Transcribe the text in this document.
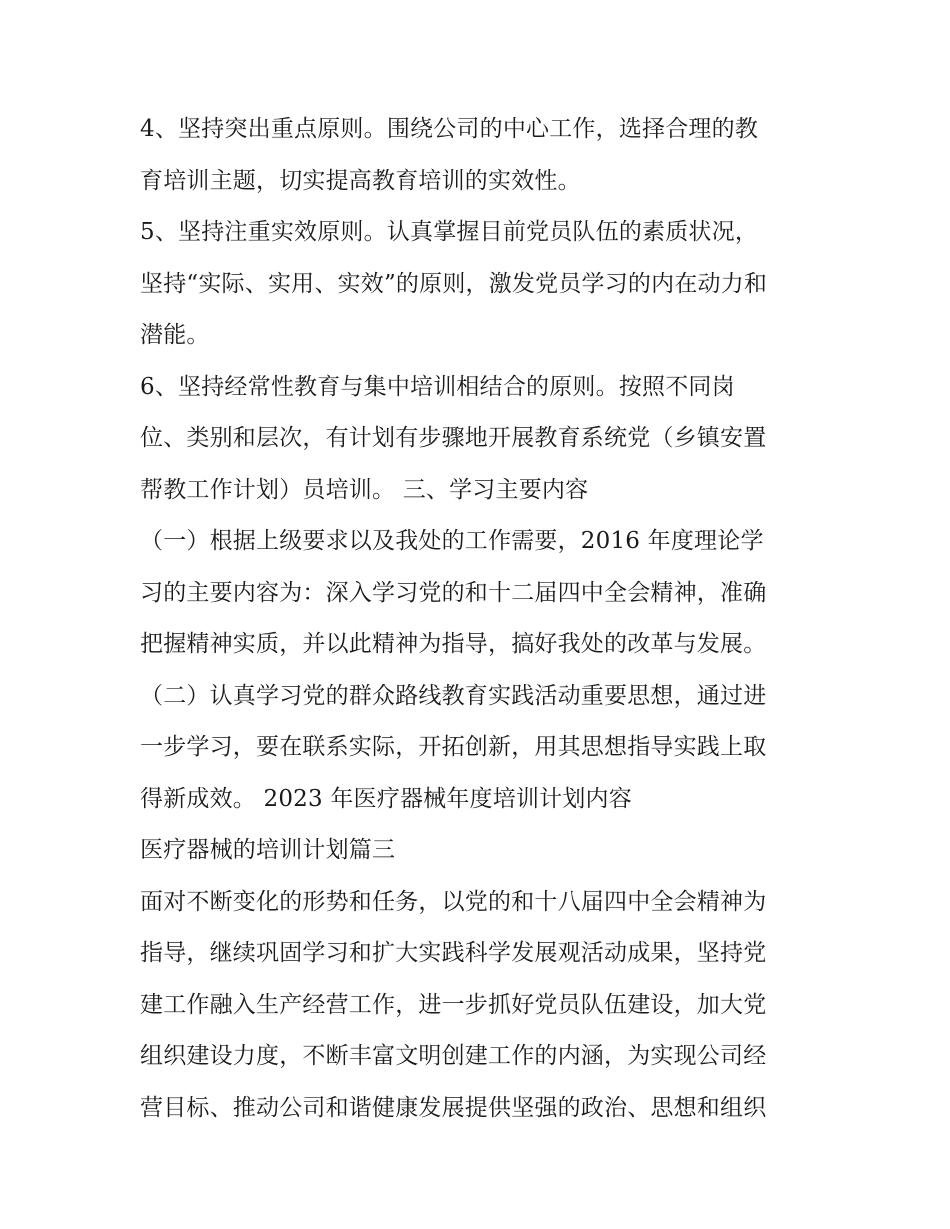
4、坚持突出重点原则。围绕公司的中心工作，选择合理的教
育培训主题，切实提高教育培训的实效性。
5、坚持注重实效原则。认真掌握目前党员队伍的素质状况，
坚持“实际、实用、实效”的原则，激发党员学习的内在动力和
潜能。
6、坚持经常性教育与集中培训相结合的原则。按照不同岗
位、类别和层次，有计划有步骤地开展教育系统党（乡镇安置
帮教工作计划）员培训。 三、学习主要内容
（一）根据上级要求以及我处的工作需要，2016 年度理论学
习的主要内容为：深入学习党的和十二届四中全会精神，准确
把握精神实质，并以此精神为指导，搞好我处的改革与发展。
（二）认真学习党的群众路线教育实践活动重要思想，通过进
一步学习，要在联系实际，开拓创新，用其思想指导实践上取
得新成效。 2023 年医疗器械年度培训计划内容
医疗器械的培训计划篇三
面对不断变化的形势和任务，以党的和十八届四中全会精神为
指导，继续巩固学习和扩大实践科学发展观活动成果，坚持党
建工作融入生产经营工作，进一步抓好党员队伍建设，加大党
组织建设力度，不断丰富文明创建工作的内涵，为实现公司经
营目标、推动公司和谐健康发展提供坚强的政治、思想和组织
